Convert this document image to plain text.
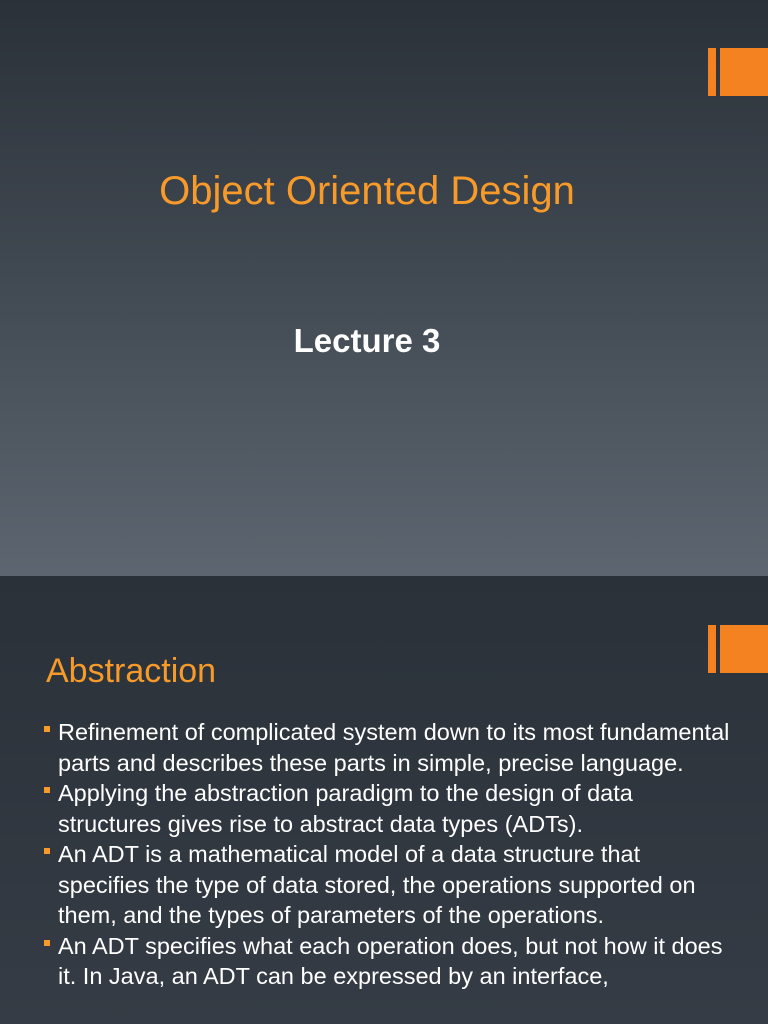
Object Oriented Design
Lecture 3
Abstraction
Refinement of complicated system down to its most fundamental parts and describes these parts in simple, precise language.
Applying the abstraction paradigm to the design of data structures gives rise to abstract data types (ADTs).
An ADT is a mathematical model of a data structure that specifies the type of data stored, the operations supported on them, and the types of parameters of the operations.
An ADT specifies what each operation does, but not how it does it. In Java, an ADT can be expressed by an interface,
